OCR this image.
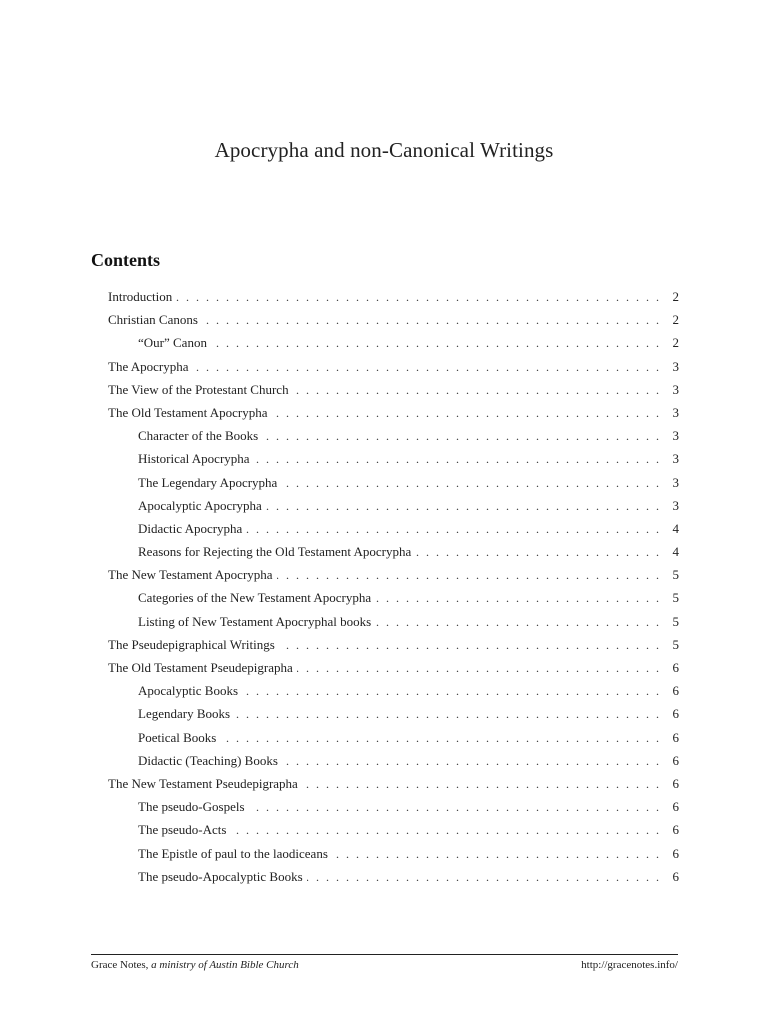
Apocrypha and non-Canonical Writings
Contents
Introduction . . .	2
Christian Canons . . .	2
“Our” Canon . . .	2
The Apocrypha . . .	3
The View of the Protestant Church . . .	3
The Old Testament Apocrypha . . .	3
Character of the Books . . .	3
Historical Apocrypha . . .	3
The Legendary Apocrypha . . .	3
Apocalyptic Apocrypha . . .	3
Didactic Apocrypha . . .	4
Reasons for Rejecting the Old Testament Apocrypha . . .	4
The New Testament Apocrypha . . .	5
Categories of the New Testament Apocrypha . . .	5
Listing of New Testament Apocryphal books . . .	5
The Pseudepigraphical Writings . . .	5
The Old Testament Pseudepigrapha . . .	6
Apocalyptic Books . . .	6
Legendary Books . . .	6
Poetical Books . . .	6
Didactic (Teaching) Books . . .	6
The New Testament Pseudepigrapha . . .	6
The pseudo-Gospels . . .	6
The pseudo-Acts . . .	6
The Epistle of paul to the laodiceans . . .	6
The pseudo-Apocalyptic Books . . .	6
Grace Notes, a ministry of Austin Bible Church	http://gracenotes.info/
